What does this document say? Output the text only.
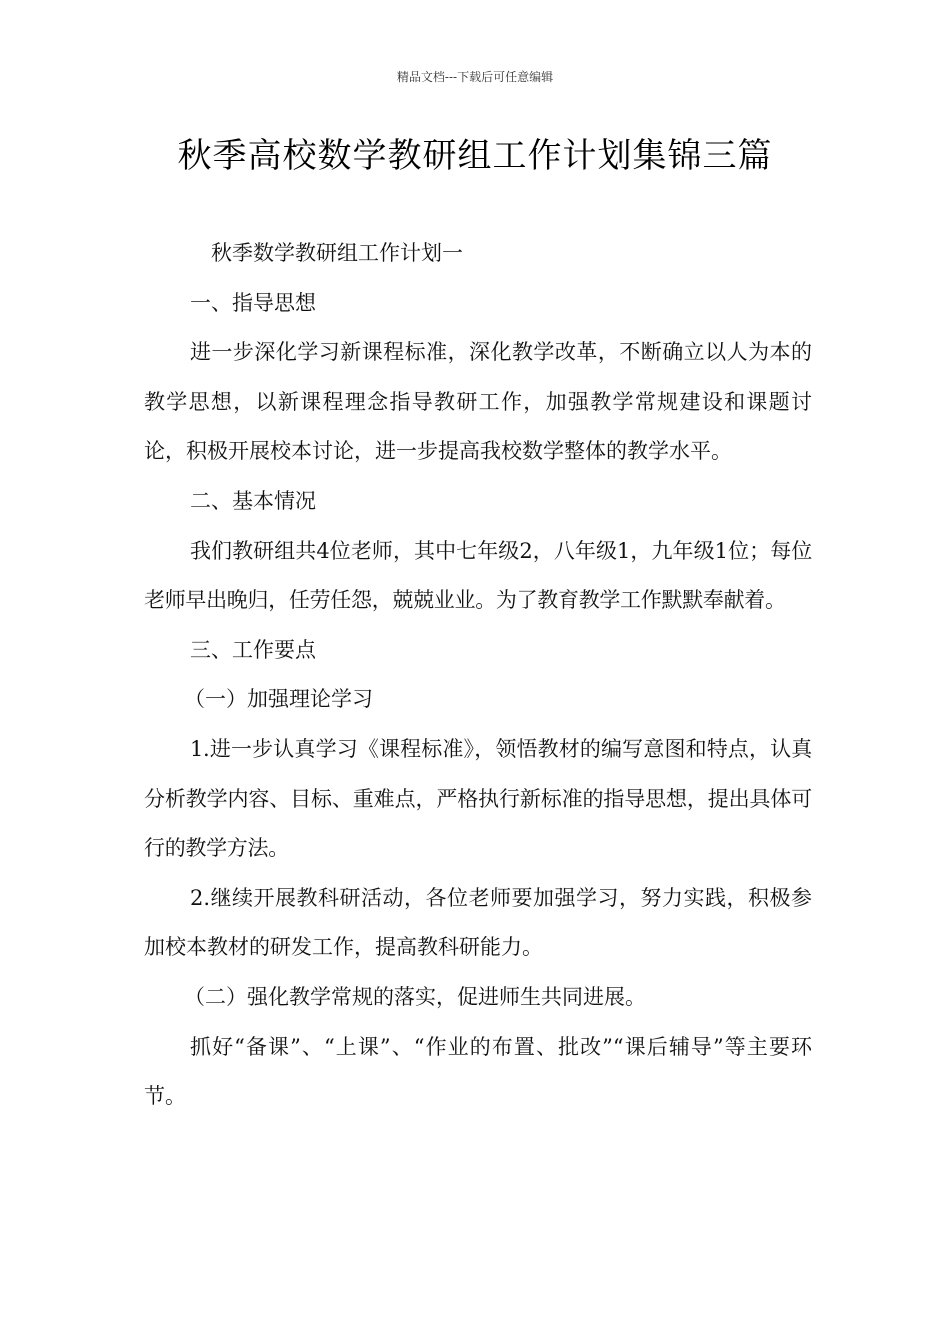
精品文档---下载后可任意编辑
秋季高校数学教研组工作计划集锦三篇

秋季数学教研组工作计划一

一、指导思想

进一步深化学习新课程标准，深化教学改革，不断确立以人为本的教学思想，以新课程理念指导教研工作，加强教学常规建设和课题讨论，积极开展校本讨论，进一步提高我校数学整体的教学水平。

二、基本情况

我们教研组共4位老师，其中七年级2，八年级1，九年级1位；每位老师早出晚归，任劳任怨，兢兢业业。为了教育教学工作默默奉献着。

三、工作要点

（一）加强理论学习

1.进一步认真学习《课程标准》，领悟教材的编写意图和特点，认真分析教学内容、目标、重难点，严格执行新标准的指导思想，提出具体可行的教学方法。

2.继续开展教科研活动，各位老师要加强学习，努力实践，积极参加校本教材的研发工作，提高教科研能力。

（二）强化教学常规的落实，促进师生共同进展。

抓好“备课”、“上课”、“作业的布置、批改”“课后辅导”等主要环节。
